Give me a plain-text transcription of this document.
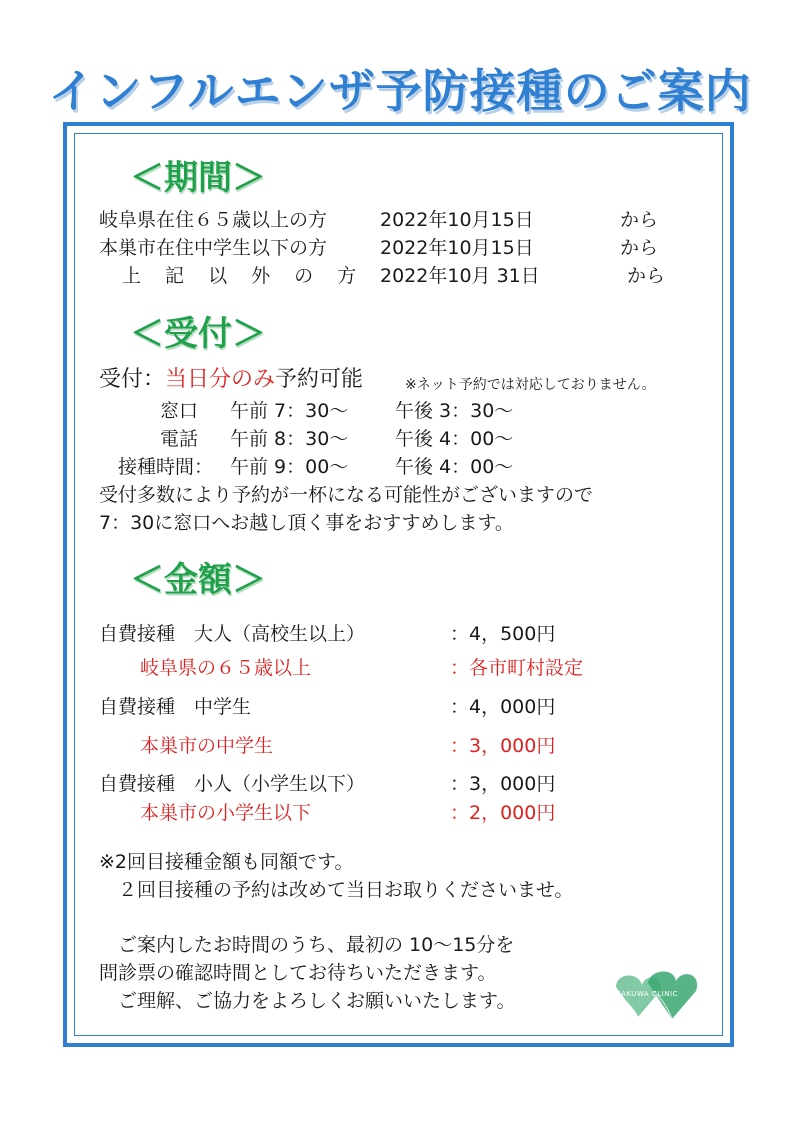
インフルエンザ予防接種のご案内
＜期間＞
岐阜県在住６５歳以上の方	2022年10月15日	から
本巣市在住中学生以下の方	2022年10月15日	から
上 記 以 外 の 方 2022年10月 31日	から
＜受付＞
受付：当日分のみ予約可能	※ネット予約では対応しておりません。
窓口 午前 7：30～ 午後 3：30～
電話 午前 8：30～ 午後 4：00～
接種時間： 午前 9：00～ 午後 4：00～
受付多数により予約が一杯になる可能性がございますので
7：30に窓口へお越し頂く事をおすすめします。
＜金額＞
自費接種　大人（高校生以上）	：4，500円
岐阜県の６５歳以上	：各市町村設定
自費接種　中学生	：4，000円
本巣市の中学生	：3，000円
自費接種　小人（小学生以下）	：3，000円
本巣市の小学生以下	：2，000円
※2回目接種金額も同額です。
２回目接種の予約は改めて当日お取りくださいませ。
ご案内したお時間のうち、最初の 10～15分を
問診票の確認時間としてお待ちいただきます。
ご理解、ご協力をよろしくお願いいたします。	SAKUWA CLINIC
